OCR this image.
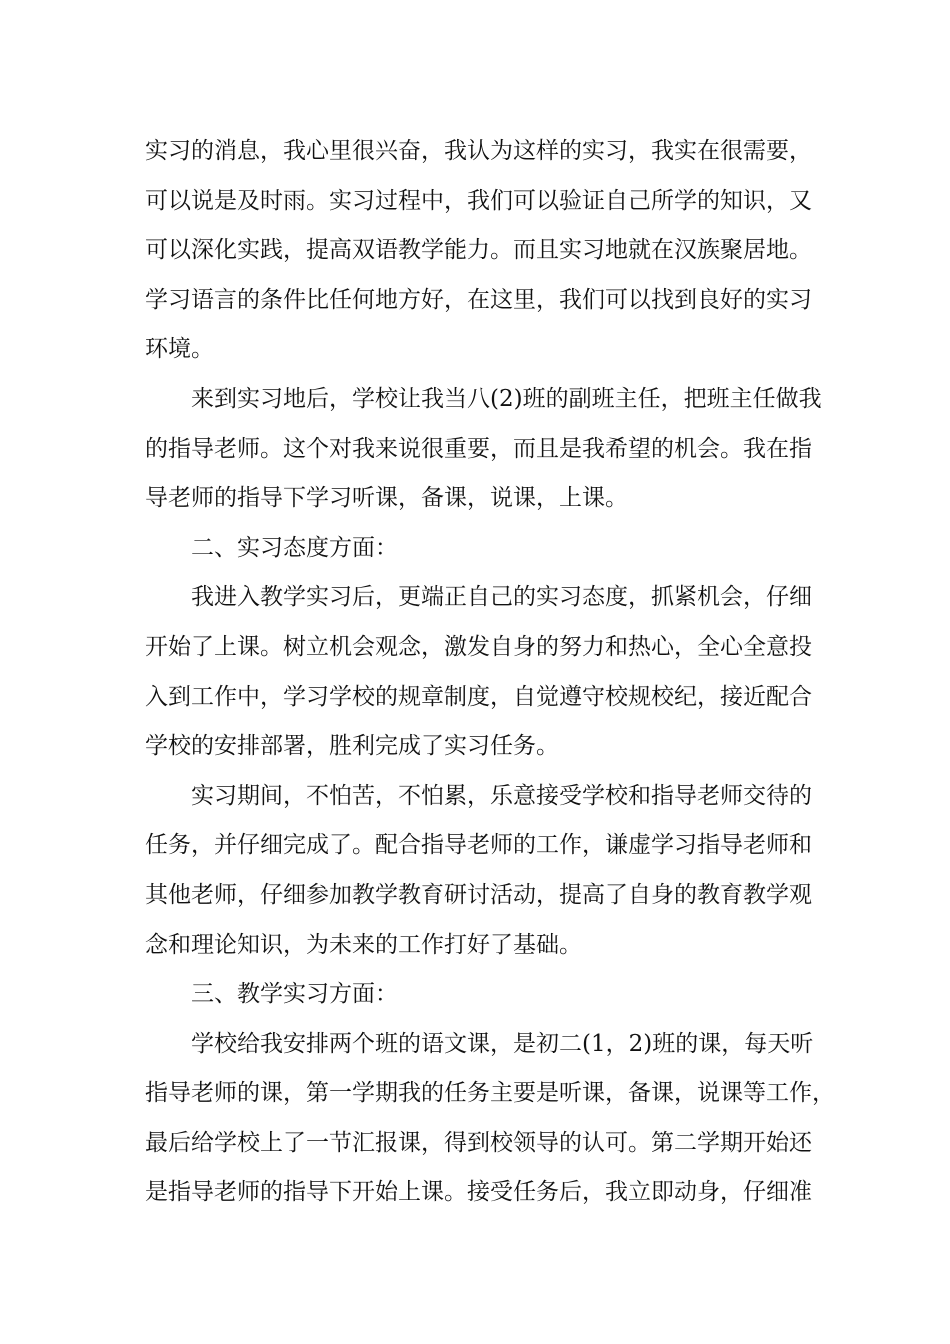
实习的消息，我心里很兴奋，我认为这样的实习，我实在很需要，
可以说是及时雨。实习过程中，我们可以验证自己所学的知识，又
可以深化实践，提高双语教学能力。而且实习地就在汉族聚居地。
学习语言的条件比任何地方好，在这里，我们可以找到良好的实习
环境。
来到实习地后，学校让我当八(2)班的副班主任，把班主任做我
的指导老师。这个对我来说很重要，而且是我希望的机会。我在指
导老师的指导下学习听课，备课，说课，上课。
二、实习态度方面：
我进入教学实习后，更端正自己的实习态度，抓紧机会，仔细
开始了上课。树立机会观念，激发自身的努力和热心，全心全意投
入到工作中，学习学校的规章制度，自觉遵守校规校纪，接近配合
学校的安排部署，胜利完成了实习任务。
实习期间，不怕苦，不怕累，乐意接受学校和指导老师交待的
任务，并仔细完成了。配合指导老师的工作，谦虚学习指导老师和
其他老师，仔细参加教学教育研讨活动，提高了自身的教育教学观
念和理论知识，为未来的工作打好了基础。
三、教学实习方面：
学校给我安排两个班的语文课，是初二(1，2)班的课，每天听
指导老师的课，第一学期我的任务主要是听课，备课，说课等工作，
最后给学校上了一节汇报课，得到校领导的认可。第二学期开始还
是指导老师的指导下开始上课。接受任务后，我立即动身，仔细准
